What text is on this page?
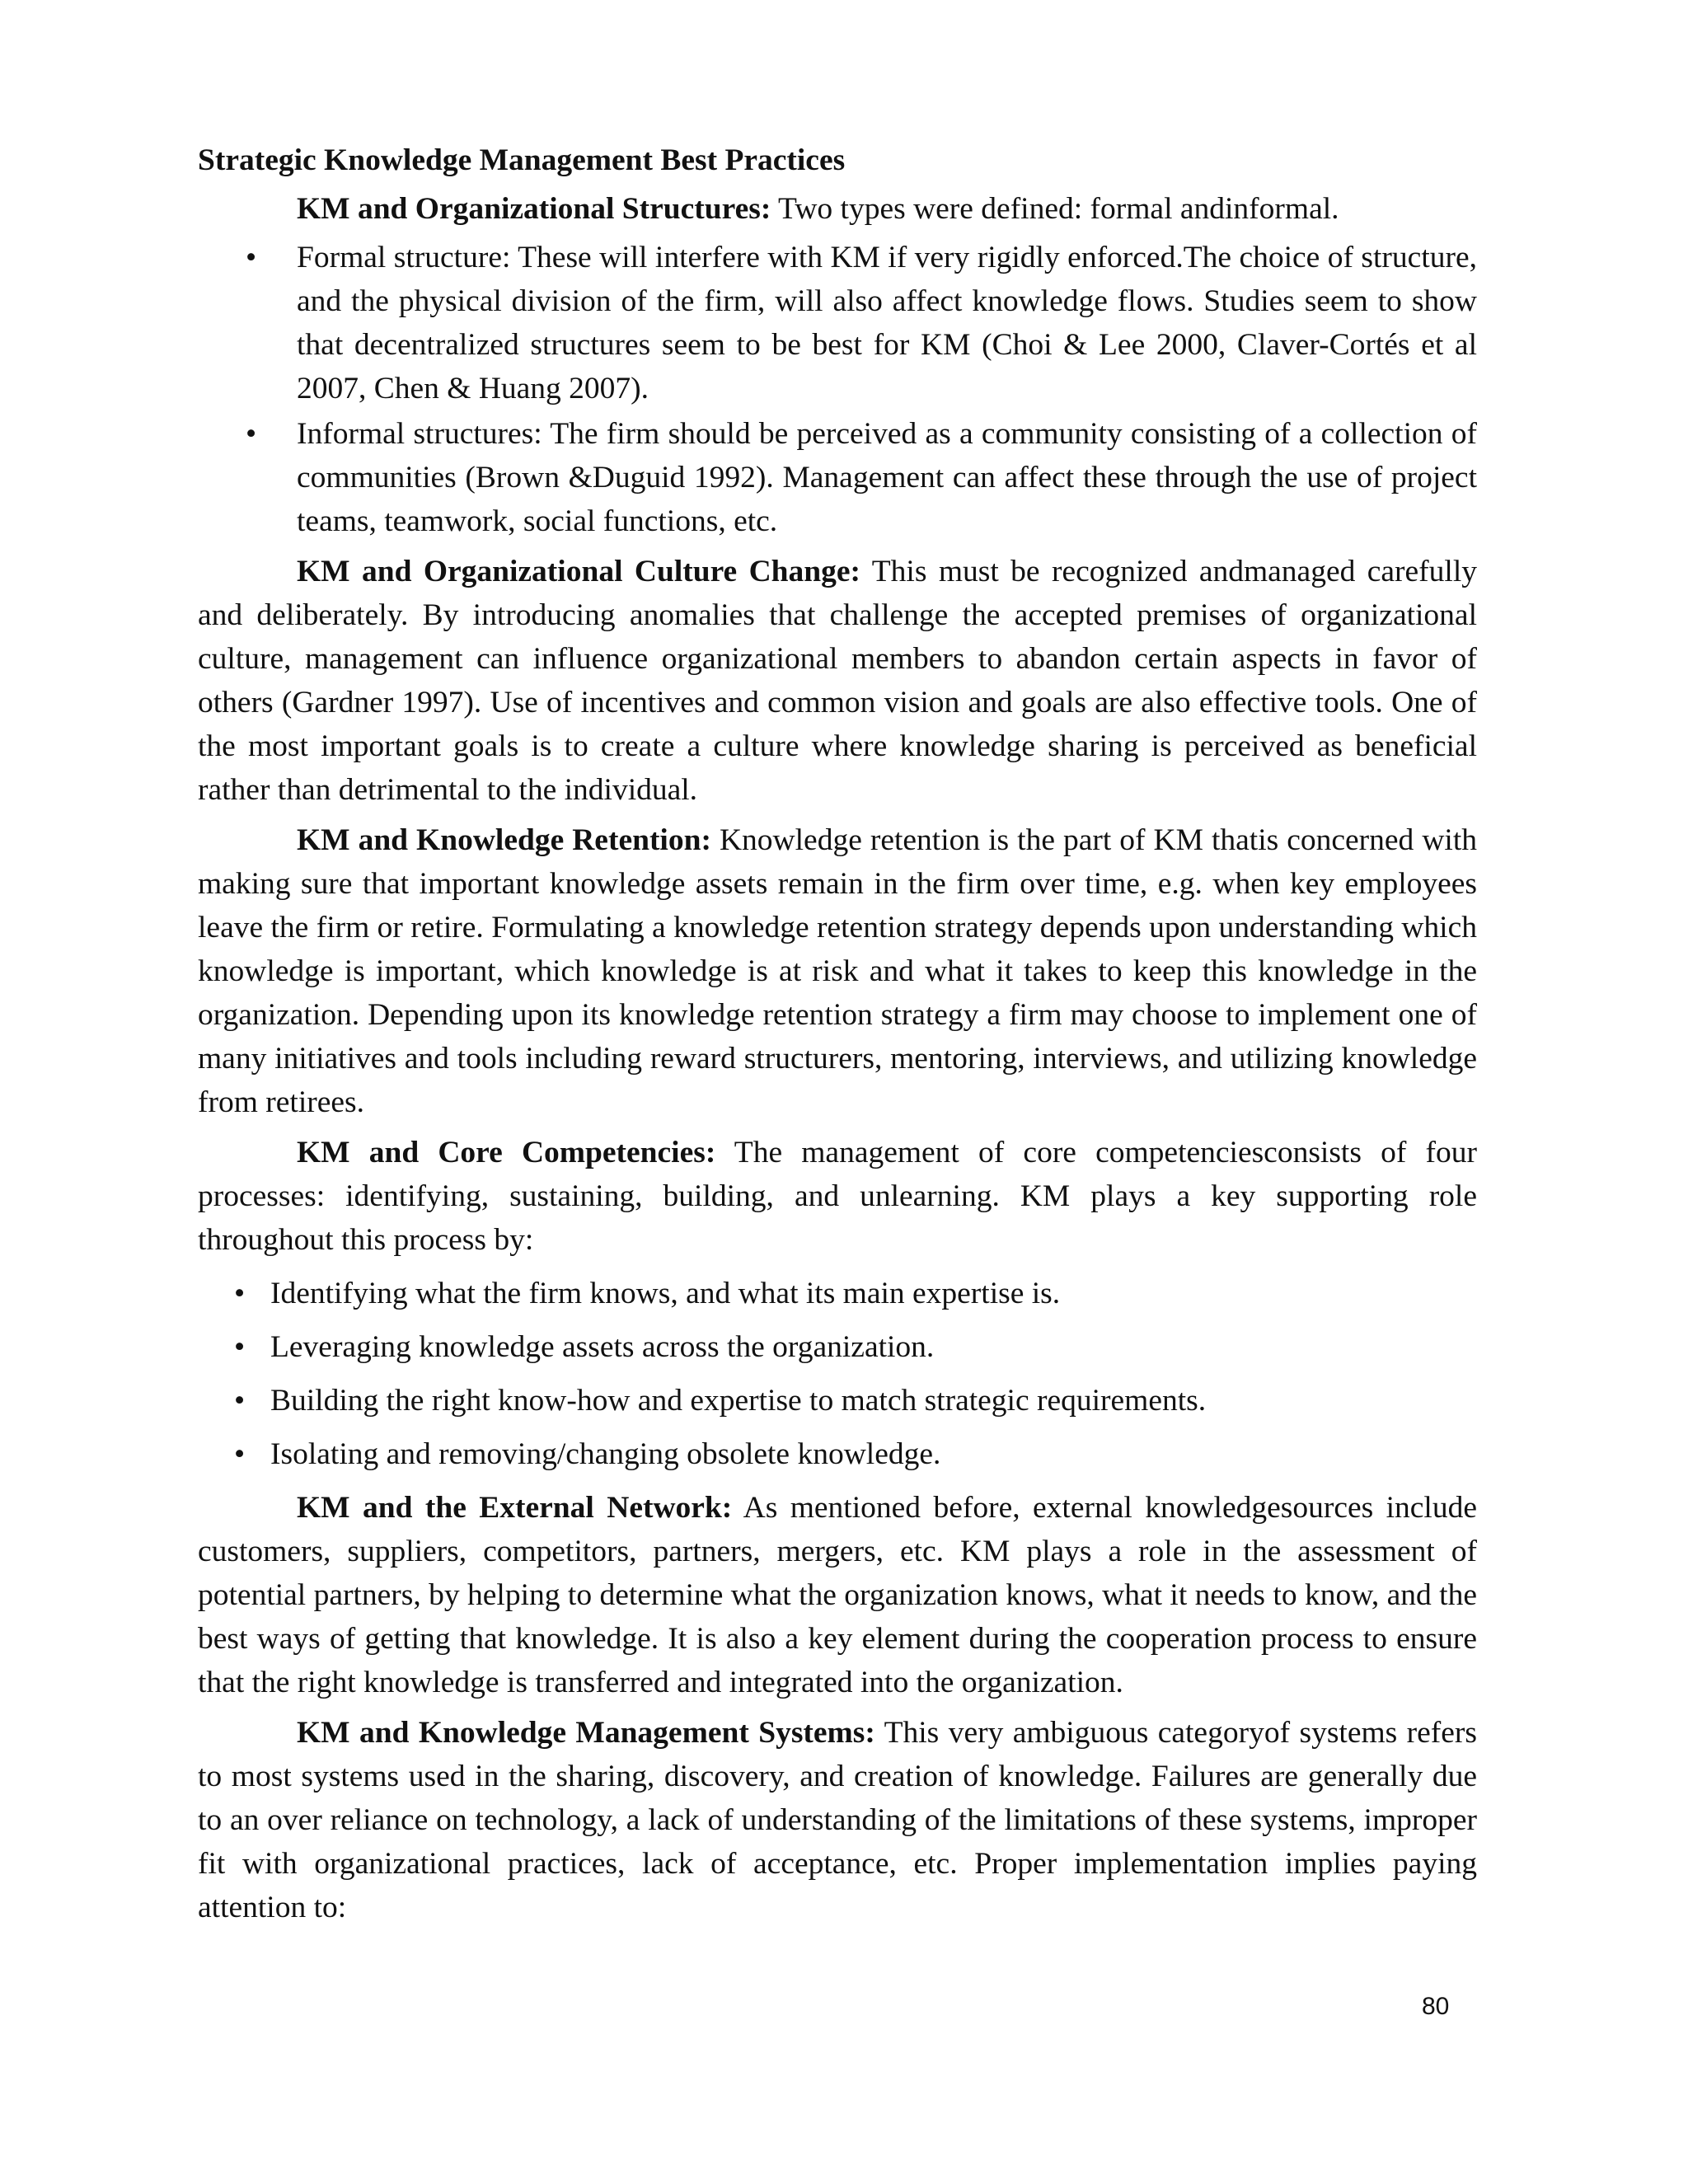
Strategic Knowledge Management Best Practices

KM and Organizational Structures: Two types were defined: formal andinformal.

• Formal structure: These will interfere with KM if very rigidly enforced.The choice of structure, and the physical division of the firm, will also affect knowledge flows. Studies seem to show that decentralized structures seem to be best for KM (Choi & Lee 2000, Claver-Cortés et al 2007, Chen & Huang 2007).
• Informal structures: The firm should be perceived as a community consisting of a collection of communities (Brown &Duguid 1992). Management can affect these through the use of project teams, teamwork, social functions, etc.

KM and Organizational Culture Change: This must be recognized andmanaged carefully and deliberately. By introducing anomalies that challenge the accepted premises of organizational culture, management can influence organizational members to abandon certain aspects in favor of others (Gardner 1997). Use of incentives and common vision and goals are also effective tools. One of the most important goals is to create a culture where knowledge sharing is perceived as beneficial rather than detrimental to the individual.

KM and Knowledge Retention: Knowledge retention is the part of KM thatis concerned with making sure that important knowledge assets remain in the firm over time, e.g. when key employees leave the firm or retire. Formulating a knowledge retention strategy depends upon understanding which knowledge is important, which knowledge is at risk and what it takes to keep this knowledge in the organization. Depending upon its knowledge retention strategy a firm may choose to implement one of many initiatives and tools including reward structurers, mentoring, interviews, and utilizing knowledge from retirees.

KM and Core Competencies: The management of core competenciesconsists of four processes: identifying, sustaining, building, and unlearning. KM plays a key supporting role throughout this process by:

• Identifying what the firm knows, and what its main expertise is.
• Leveraging knowledge assets across the organization.
• Building the right know-how and expertise to match strategic requirements.
• Isolating and removing/changing obsolete knowledge.

KM and the External Network: As mentioned before, external knowledgesources include customers, suppliers, competitors, partners, mergers, etc. KM plays a role in the assessment of potential partners, by helping to determine what the organization knows, what it needs to know, and the best ways of getting that knowledge. It is also a key element during the cooperation process to ensure that the right knowledge is transferred and integrated into the organization.

KM and Knowledge Management Systems: This very ambiguous categoryof systems refers to most systems used in the sharing, discovery, and creation of knowledge. Failures are generally due to an over reliance on technology, a lack of understanding of the limitations of these systems, improper fit with organizational practices, lack of acceptance, etc. Proper implementation implies paying attention to:

80
